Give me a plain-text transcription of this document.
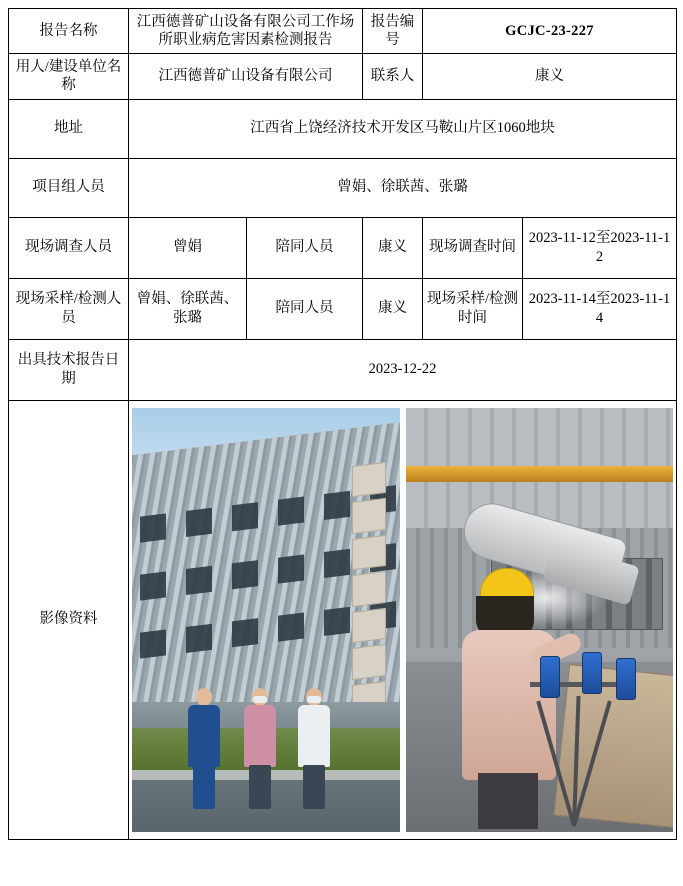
报告名称	江西德普矿山设备有限公司工作场所职业病危害因素检测报告		报告编号	GCJC-23-227	
用人/建设单位名称	江西德普矿山设备有限公司		联系人	康义	
地址	江西省上饶经济技术开发区马鞍山片区1060地块				
项目组人员	曾娟、徐联茜、张璐				
现场调查人员	曾娟	陪同人员	康义	现场调查时间	2023-11-12至2023-11-12
现场采样/检测人员	曾娟、徐联茜、张璐	陪同人员	康义	现场采样/检测时间	2023-11-14至2023-11-14
出具技术报告日期	2023-12-22				
影像资料					
